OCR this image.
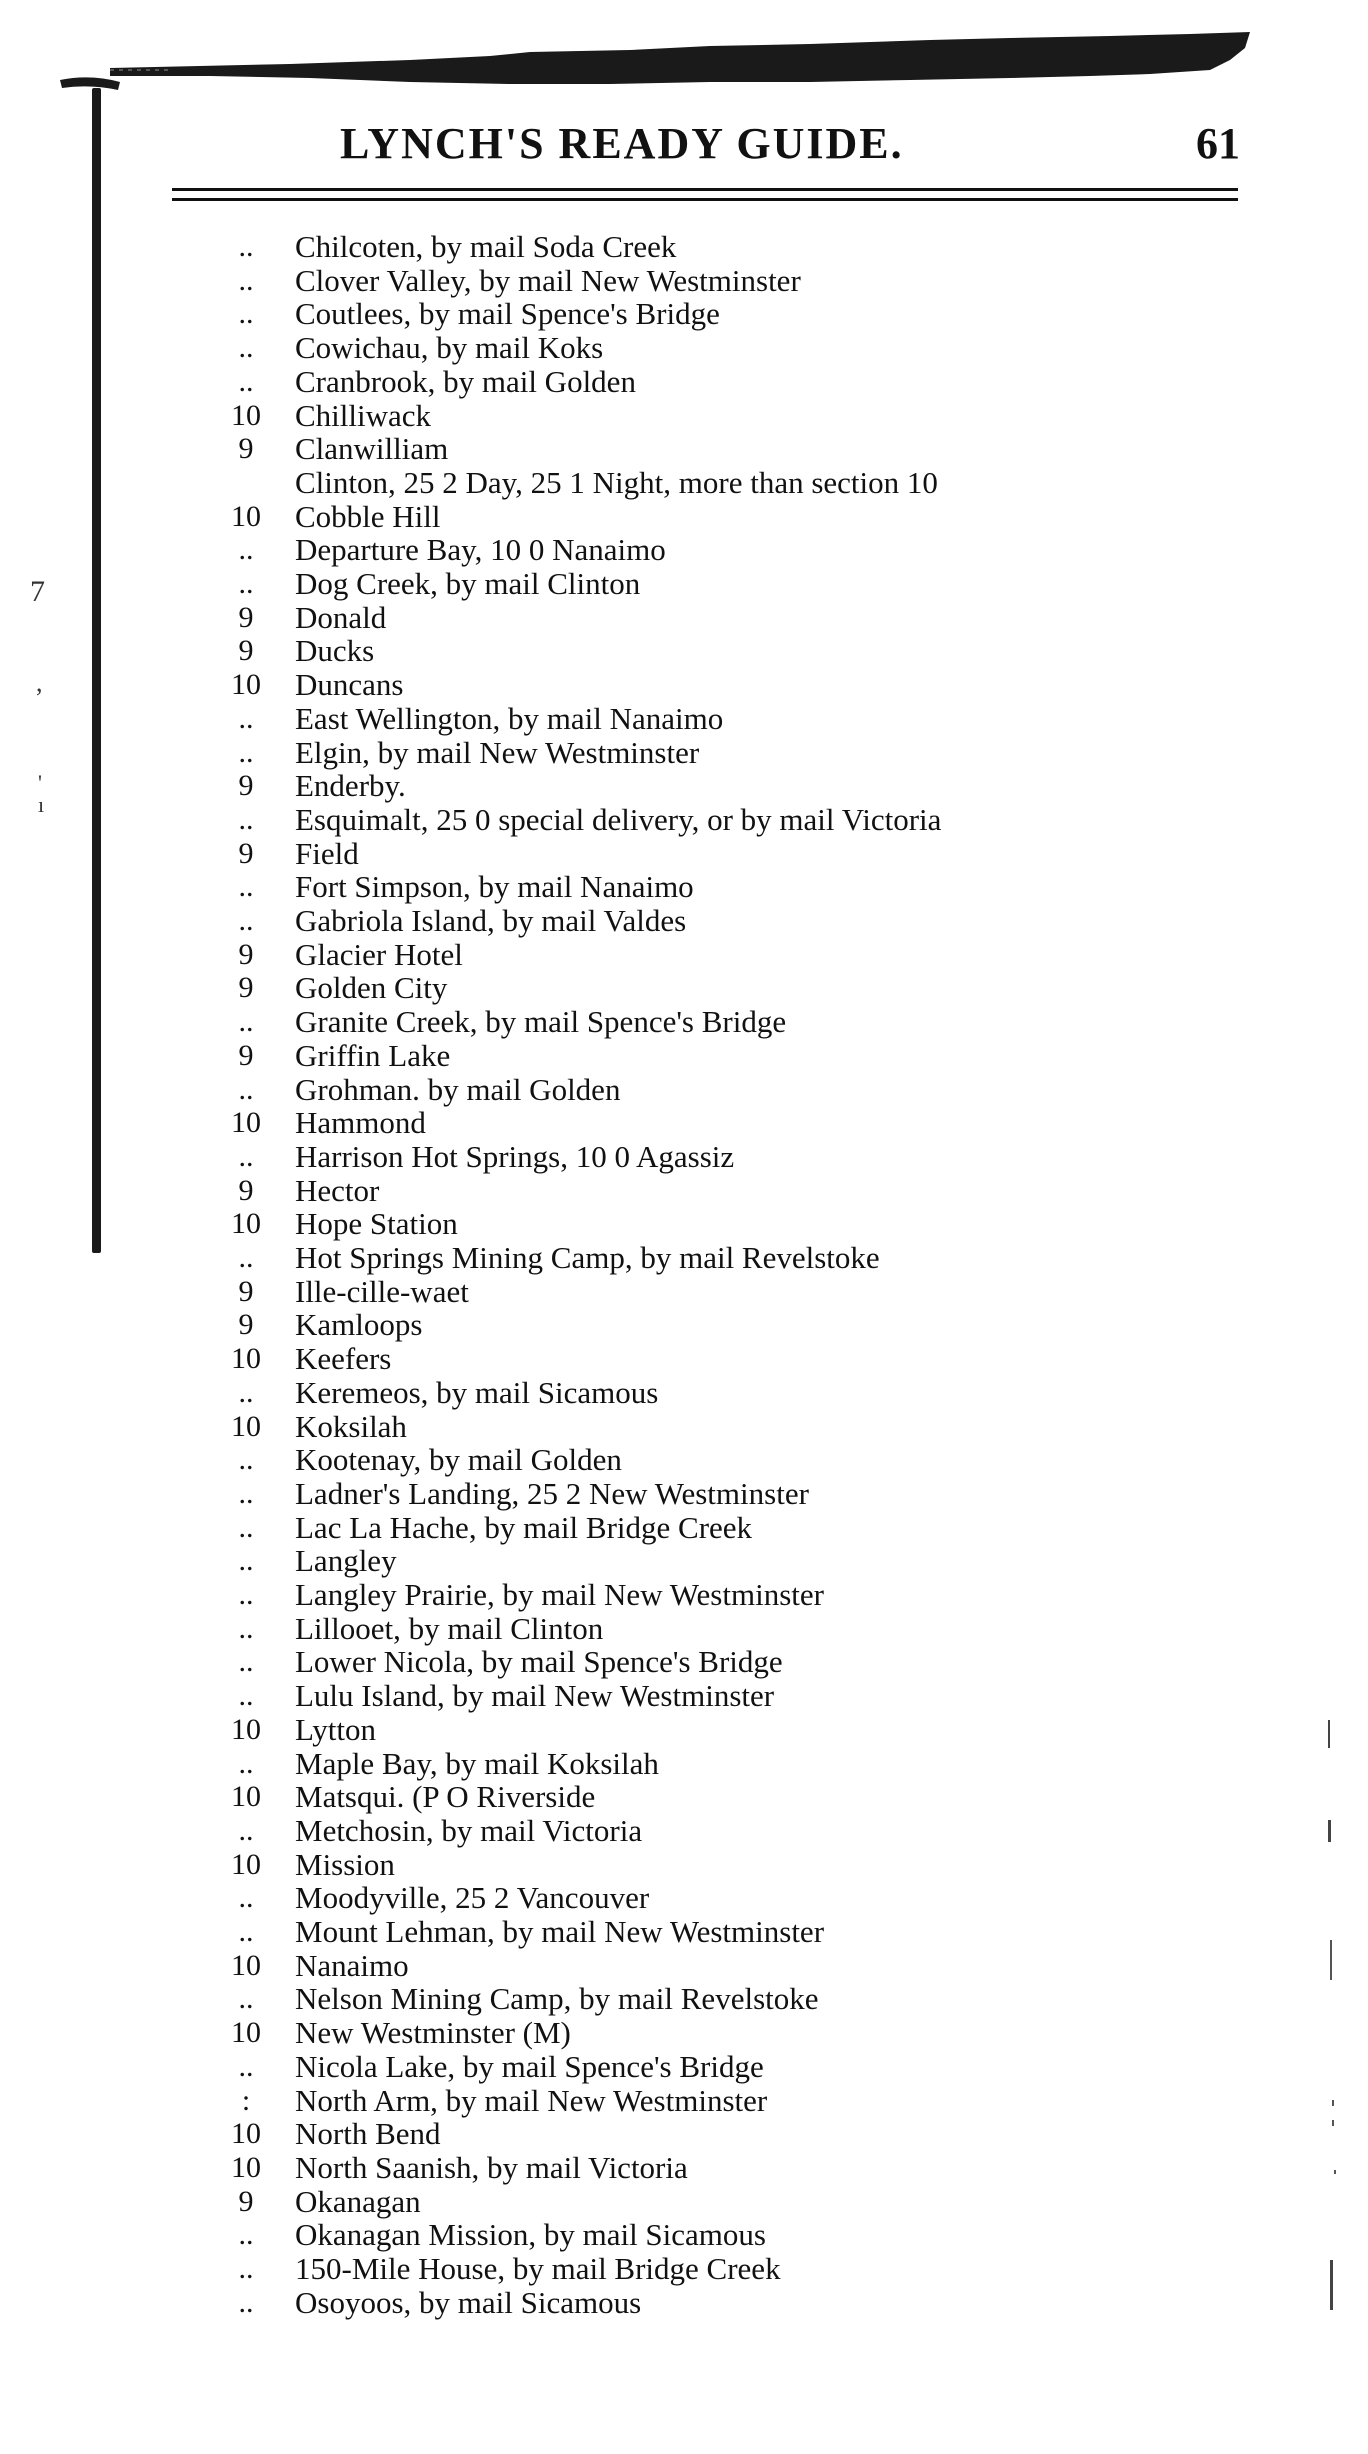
7
,
'
ı
LYNCH'S READY GUIDE.	61
..	Chilcoten, by mail Soda Creek
..	Clover Valley, by mail New Westminster
..	Coutlees, by mail Spence's Bridge
..	Cowichau, by mail Koks
..	Cranbrook, by mail Golden
10 Chilliwack
9	Clanwilliam
Clinton, 25 2 Day, 25 1 Night, more than section 10
10 Cobble Hill
..	Departure Bay, 10 0 Nanaimo
..	Dog Creek, by mail Clinton
9	Donald
9	Ducks
10 Duncans
..	East Wellington, by mail Nanaimo
..	Elgin, by mail New Westminster
9	Enderby.
..	Esquimalt, 25 0 special delivery, or by mail Victoria
9	Field
..	Fort Simpson, by mail Nanaimo
..	Gabriola Island, by mail Valdes
9	Glacier Hotel
9	Golden City
..	Granite Creek, by mail Spence's Bridge
9	Griffin Lake
..	Grohman. by mail Golden
10 Hammond
..	Harrison Hot Springs, 10 0 Agassiz
9	Hector
10 Hope Station
..	Hot Springs Mining Camp, by mail Revelstoke
9	Ille-cille-waet
9	Kamloops
10 Keefers
..	Keremeos, by mail Sicamous
10 Koksilah
..	Kootenay, by mail Golden
..	Ladner's Landing, 25 2 New Westminster
..	Lac La Hache, by mail Bridge Creek
..	Langley
..	Langley Prairie, by mail New Westminster
..	Lillooet, by mail Clinton
..	Lower Nicola, by mail Spence's Bridge
..	Lulu Island, by mail New Westminster
10 Lytton
..	Maple Bay, by mail Koksilah
10 Matsqui. (P O Riverside
..	Metchosin, by mail Victoria
10 Mission
..	Moodyville, 25 2 Vancouver
..	Mount Lehman, by mail New Westminster
10 Nanaimo
..	Nelson Mining Camp, by mail Revelstoke
10 New Westminster (M)
..	Nicola Lake, by mail Spence's Bridge
:	North Arm, by mail New Westminster
10 North Bend
10 North Saanish, by mail Victoria
9	Okanagan
..	Okanagan Mission, by mail Sicamous
..	150-Mile House, by mail Bridge Creek
..	Osoyoos, by mail Sicamous
